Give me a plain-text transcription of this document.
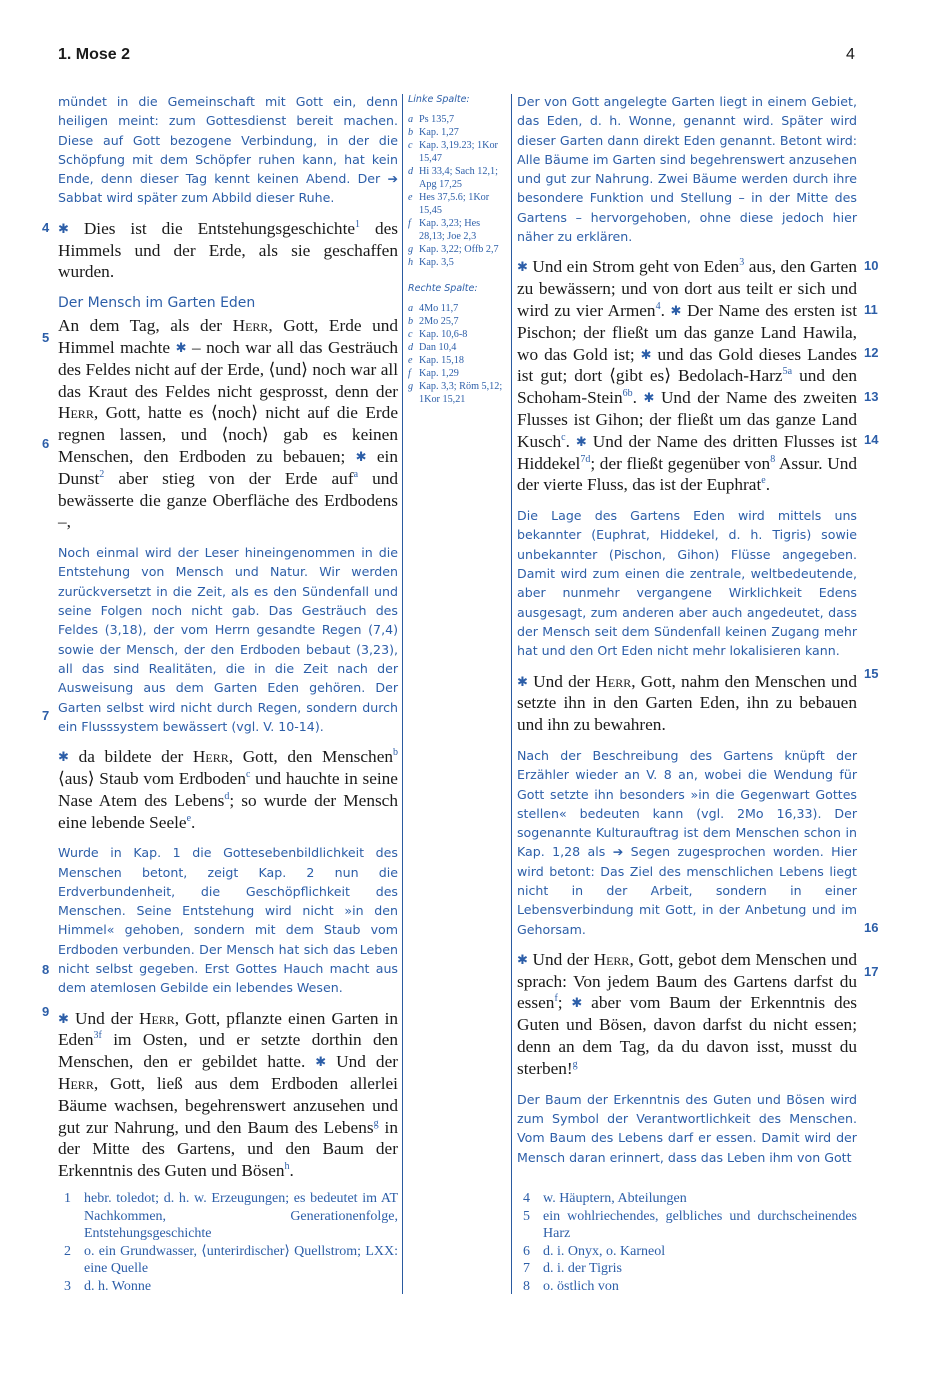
1. Mose 2	4
4
5
6
7
8
9
10
11
12
13
14
15
16
17

mündet in die Gemeinschaft mit Gott ein, denn heiligen meint: zum Gottesdienst bereit machen. Diese auf Gott bezogene Verbindung, in der die Schöpfung mit dem Schöpfer ruhen kann, hat kein Ende, denn dieser Tag kennt keinen Abend. Der ➔ Sabbat wird später zum Abbild dieser Ruhe.

✱ Dies ist die Entstehungsgeschichte$^1$ des Himmels und der Erde, als sie geschaffen wurden.

Der Mensch im Garten Eden

An dem Tag, als der Herr, Gott, Erde und Himmel machte ✱ – noch war all das Gesträuch des Feldes nicht auf der Erde, ⟨und⟩ noch war all das Kraut des Feldes nicht gesprosst, denn der Herr, Gott, hatte es ⟨noch⟩ nicht auf die Erde regnen lassen, und ⟨noch⟩ gab es keinen Menschen, den Erdboden zu bebauen; ✱ ein Dunst$^2$ aber stieg von der Erde auf$^a$ und bewässerte die ganze Oberfläche des Erdbodens –,

Noch einmal wird der Leser hineingenommen in die Entstehung von Mensch und Natur. Wir werden zurückversetzt in die Zeit, als es den Sündenfall und seine Folgen noch nicht gab. Das Gesträuch des Feldes (3,18), der vom Herrn gesandte Regen (7,4) sowie der Mensch, der den Erdboden bebaut (3,23), all das sind Realitäten, die in die Zeit nach der Ausweisung aus dem Garten Eden gehören. Der Garten selbst wird nicht durch Regen, sondern durch ein Flusssystem bewässert (vgl. V. 10-14).

✱ da bildete der Herr, Gott, den Menschen$^b$ ⟨aus⟩ Staub vom Erdboden$^c$ und hauchte in seine Nase Atem des Lebens$^d$; so wurde der Mensch eine lebende Seele$^e$.

Wurde in Kap. 1 die Gottesebenbildlichkeit des Menschen betont, zeigt Kap. 2 nun die Erdverbundenheit, die Geschöpflichkeit des Menschen. Seine Entstehung wird nicht »in den Himmel« gehoben, sondern mit dem Staub vom Erdboden verbunden. Der Mensch hat sich das Leben nicht selbst gegeben. Erst Gottes Hauch macht aus dem atemlosen Gebilde ein lebendes Wesen.

✱ Und der Herr, Gott, pflanzte einen Garten in Eden$^{3f}$ im Osten, und er setzte dorthin den Menschen, den er gebildet hatte. ✱ Und der Herr, Gott, ließ aus dem Erdboden allerlei Bäume wachsen, begehrenswert anzusehen und gut zur Nahrung, und den Baum des Lebens$^g$ in der Mitte des Gartens, und den Baum der Erkenntnis des Guten und Bösen$^h$.

Linke Spalte:
a Ps 135,7
b Kap. 1,27
c Kap. 3,19.23; 1Kor 15,47
d Hi 33,4; Sach 12,1; Apg 17,25
e Hes 37,5.6; 1Kor 15,45
f Kap. 3,23; Hes 28,13; Joe 2,3
g Kap. 3,22; Offb 2,7
h Kap. 3,5
Rechte Spalte:
a 4Mo 11,7
b 2Mo 25,7
c Kap. 10,6-8
d Dan 10,4
e Kap. 15,18
f Kap. 1,29
g Kap. 3,3; Röm 5,12; 1Kor 15,21

Der von Gott angelegte Garten liegt in einem Gebiet, das Eden, d. h. Wonne, genannt wird. Später wird dieser Garten dann direkt Eden genannt. Betont wird: Alle Bäume im Garten sind begehrenswert anzusehen und gut zur Nahrung. Zwei Bäume werden durch ihre besondere Funktion und Stellung – in der Mitte des Gartens – hervorgehoben, ohne diese jedoch hier näher zu erklären.

✱ Und ein Strom geht von Eden$^3$ aus, den Garten zu bewässern; und von dort aus teilt er sich und wird zu vier Armen$^4$. ✱ Der Name des ersten ist Pischon; der fließt um das ganze Land Hawila, wo das Gold ist; ✱ und das Gold dieses Landes ist gut; dort ⟨gibt es⟩ Bedolach-Harz$^{5a}$ und den Schoham-Stein$^{6b}$. ✱ Und der Name des zweiten Flusses ist Gihon; der fließt um das ganze Land Kusch$^c$. ✱ Und der Name des dritten Flusses ist Hiddekel$^{7d}$; der fließt gegenüber von$^8$ Assur. Und der vierte Fluss, das ist der Euphrat$^e$.

Die Lage des Gartens Eden wird mittels uns bekannter (Euphrat, Hiddekel, d. h. Tigris) sowie unbekannter (Pischon, Gihon) Flüsse angegeben. Damit wird zum einen die zentrale, weltbedeutende, aber nunmehr vergangene Wirklichkeit Edens ausgesagt, zum anderen aber auch angedeutet, dass der Mensch seit dem Sündenfall keinen Zugang mehr hat und den Ort Eden nicht mehr lokalisieren kann.

✱ Und der Herr, Gott, nahm den Menschen und setzte ihn in den Garten Eden, ihn zu bebauen und ihn zu bewahren.

Nach der Beschreibung des Gartens knüpft der Erzähler wieder an V. 8 an, wobei die Wendung für Gott setzte ihn besonders »in die Gegenwart Gottes stellen« bedeuten kann (vgl. 2Mo 16,33). Der sogenannte Kulturauftrag ist dem Menschen schon in Kap. 1,28 als ➔ Segen zugesprochen worden. Hier wird betont: Das Ziel des menschlichen Lebens liegt nicht in der Arbeit, sondern in einer Lebensverbindung mit Gott, in der Anbetung und im Gehorsam.

✱ Und der Herr, Gott, gebot dem Menschen und sprach: Von jedem Baum des Gartens darfst du essen$^f$; ✱ aber vom Baum der Erkenntnis des Guten und Bösen, davon darfst du nicht essen; denn an dem Tag, da du davon isst, musst du sterben!$^g$

Der Baum der Erkenntnis des Guten und Bösen wird zum Symbol der Verantwortlichkeit des Menschen. Vom Baum des Lebens darf er essen. Damit wird der Mensch daran erinnert, dass das Leben ihm von Gott

1 hebr. toledot; d. h. w. Erzeugungen; es bedeutet im AT Nachkommen, Generationenfolge, Entstehungsgeschichte
2 o. ein Grundwasser, ⟨unterirdischer⟩ Quellstrom; LXX: eine Quelle
3 d. h. Wonne
4 w. Häuptern, Abteilungen
5 ein wohlriechendes, gelbliches und durchscheinendes Harz
6 d. i. Onyx, o. Karneol
7 d. i. der Tigris
8 o. östlich von
